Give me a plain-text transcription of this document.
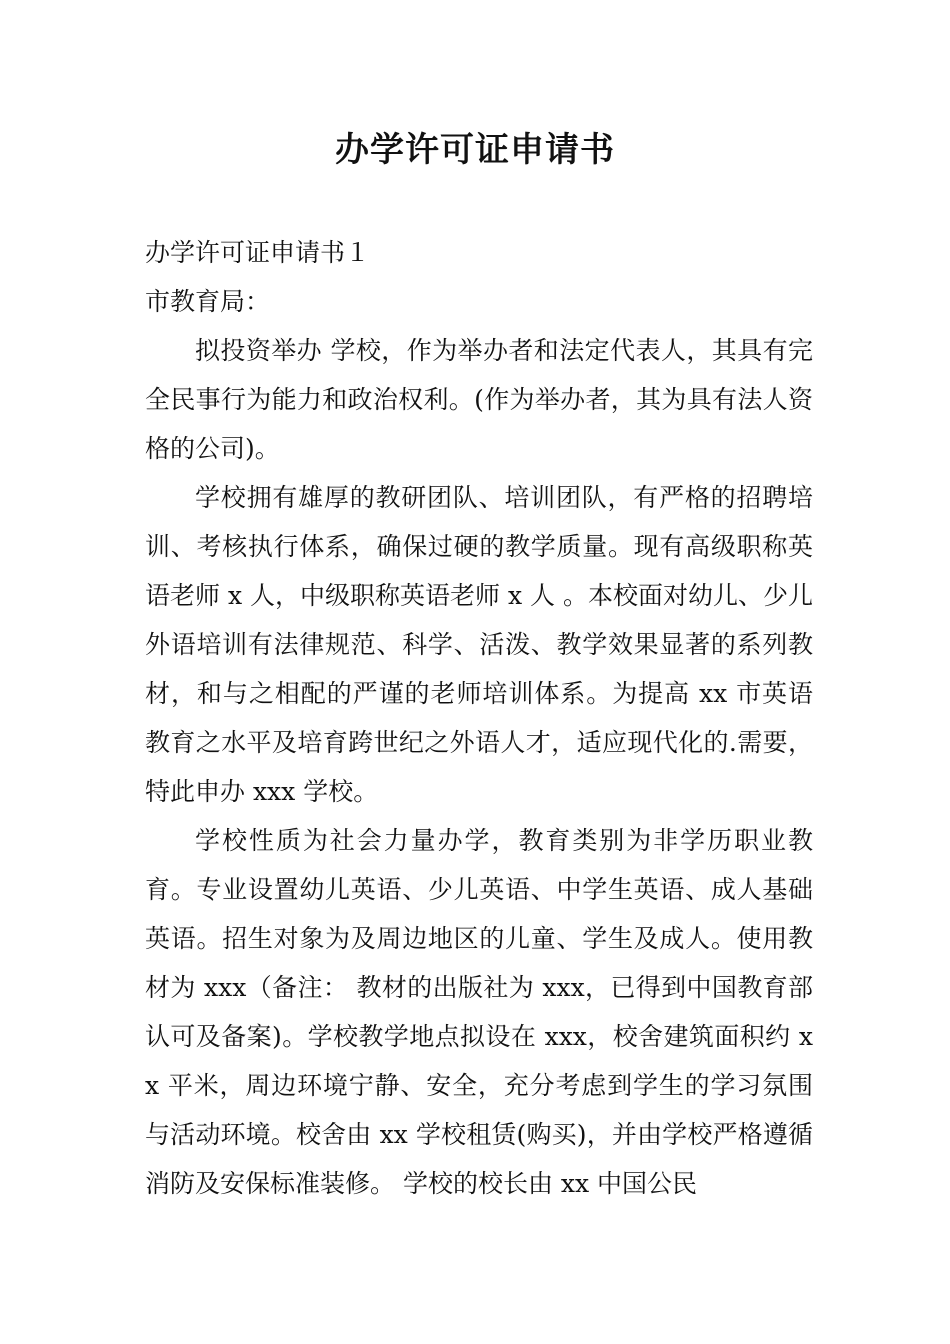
办学许可证申请书

办学许可证申请书１

市教育局：

拟投资举办 学校，作为举办者和法定代表人，其具有完全民事行为能力和政治权利。(作为举办者，其为具有法人资格的公司)。

学校拥有雄厚的教研团队、培训团队，有严格的招聘培训、考核执行体系，确保过硬的教学质量。现有高级职称英语老师 x 人，中级职称英语老师 x 人 。本校面对幼儿、少儿外语培训有法律规范、科学、活泼、教学效果显著的系列教材，和与之相配的严谨的老师培训体系。为提高 xx 市英语教育之水平及培育跨世纪之外语人才，适应现代化的.需要，特此申办 xxx 学校。

学校性质为社会力量办学，教育类别为非学历职业教育。专业设置幼儿英语、少儿英语、中学生英语、成人基础英语。招生对象为及周边地区的儿童、学生及成人。使用教材为 xxx（备注： 教材的出版社为 xxx，已得到中国教育部认可及备案)。学校教学地点拟设在 xxx，校舍建筑面积约 xx 平米，周边环境宁静、安全，充分考虑到学生的学习氛围与活动环境。校舍由 xx 学校租赁(购买)，并由学校严格遵循消防及安保标准装修。 学校的校长由 xx 中国公民
